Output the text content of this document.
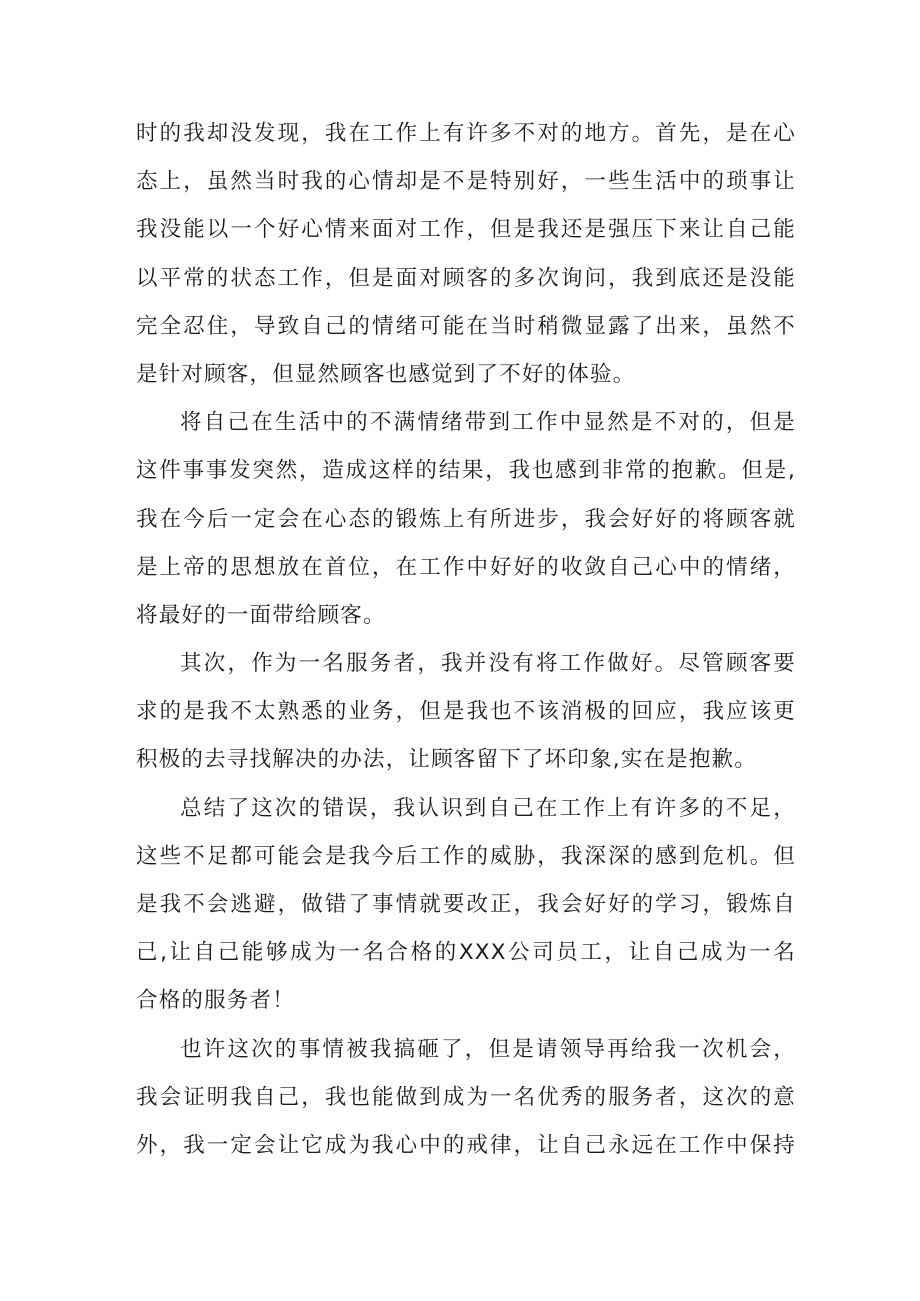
时的我却没发现，我在工作上有许多不对的地方。首先，是在心
态上，虽然当时我的心情却是不是特别好，一些生活中的琐事让
我没能以一个好心情来面对工作，但是我还是强压下来让自己能
以平常的状态工作，但是面对顾客的多次询问，我到底还是没能
完全忍住，导致自己的情绪可能在当时稍微显露了出来，虽然不
是针对顾客，但显然顾客也感觉到了不好的体验。
将自己在生活中的不满情绪带到工作中显然是不对的，但是
这件事事发突然，造成这样的结果，我也感到非常的抱歉。但是,
我在今后一定会在心态的锻炼上有所进步，我会好好的将顾客就
是上帝的思想放在首位，在工作中好好的收敛自己心中的情绪，
将最好的一面带给顾客。
其次，作为一名服务者，我并没有将工作做好。尽管顾客要
求的是我不太熟悉的业务，但是我也不该消极的回应，我应该更
积极的去寻找解决的办法，让顾客留下了坏印象,实在是抱歉。
总结了这次的错误，我认识到自己在工作上有许多的不足，
这些不足都可能会是我今后工作的威胁，我深深的感到危机。但
是我不会逃避，做错了事情就要改正，我会好好的学习，锻炼自
己,让自己能够成为一名合格的XXX公司员工，让自己成为一名
合格的服务者！
也许这次的事情被我搞砸了，但是请领导再给我一次机会，
我会证明我自己，我也能做到成为一名优秀的服务者，这次的意
外，我一定会让它成为我心中的戒律，让自己永远在工作中保持
